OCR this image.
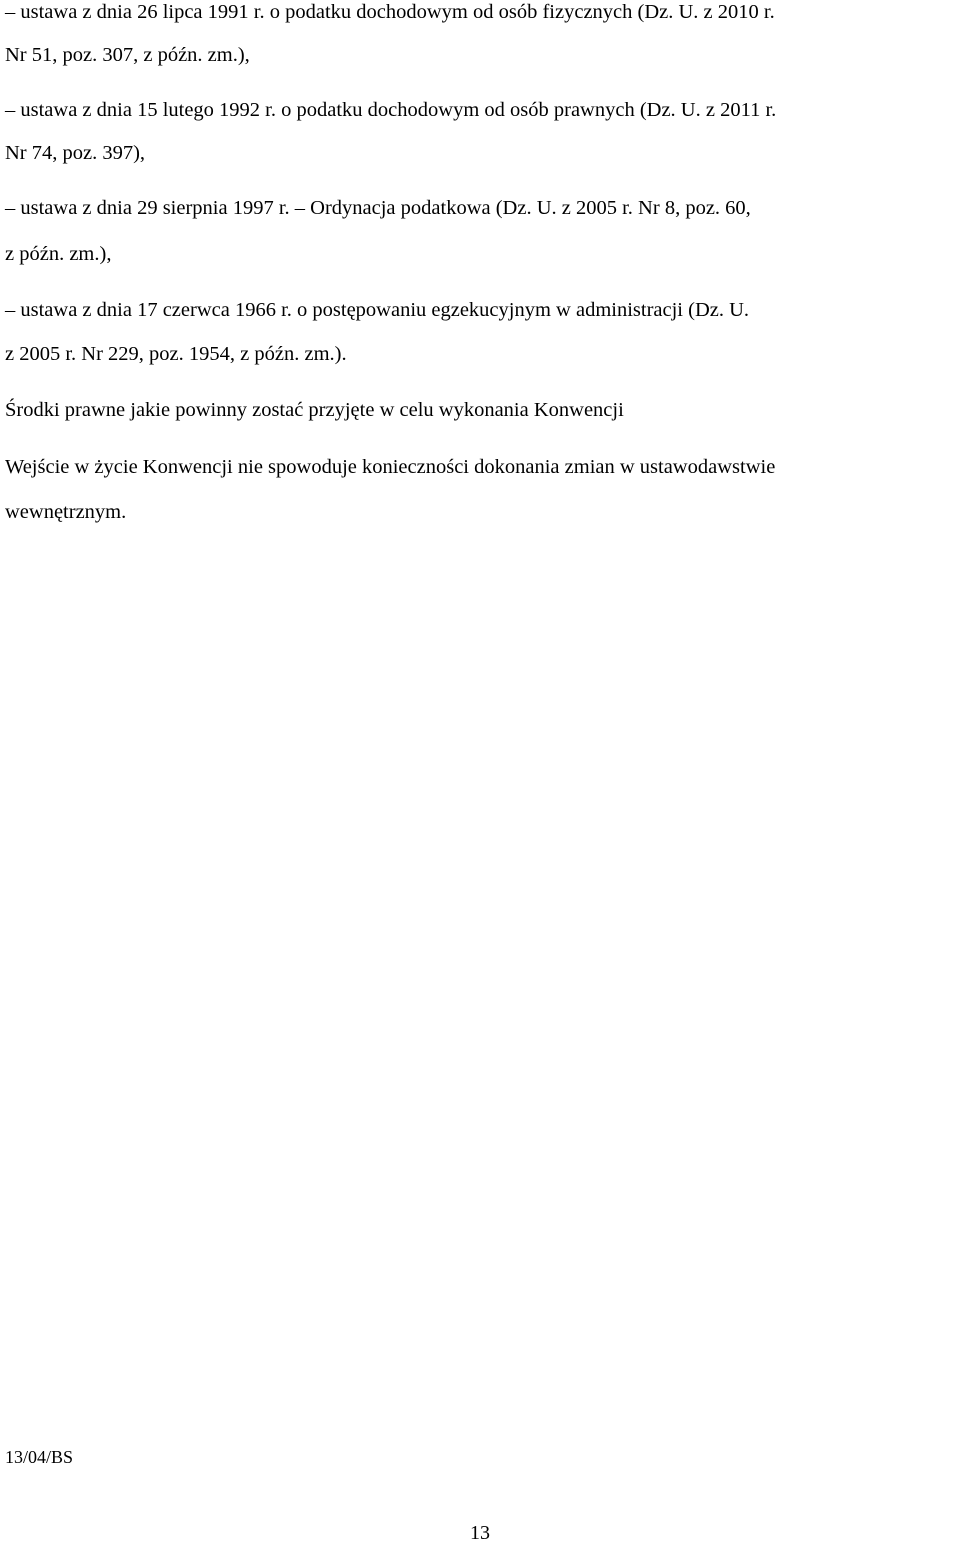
– ustawa z dnia 26 lipca 1991 r. o podatku dochodowym od osób fizycznych (Dz. U. z 2010 r.
Nr 51, poz. 307, z późn. zm.),
– ustawa z dnia 15 lutego 1992 r. o podatku dochodowym od osób prawnych (Dz. U. z 2011 r.
Nr 74, poz. 397),
– ustawa z dnia 29 sierpnia 1997 r. – Ordynacja podatkowa (Dz. U. z 2005 r. Nr 8, poz. 60,
z późn. zm.),
– ustawa z dnia 17 czerwca 1966 r. o postępowaniu egzekucyjnym w administracji (Dz. U.
z 2005 r. Nr 229, poz. 1954, z późn. zm.).
Środki prawne jakie powinny zostać przyjęte w celu wykonania Konwencji
Wejście w życie Konwencji nie spowoduje konieczności dokonania zmian w ustawodawstwie
wewnętrznym.
13/04/BS
13
